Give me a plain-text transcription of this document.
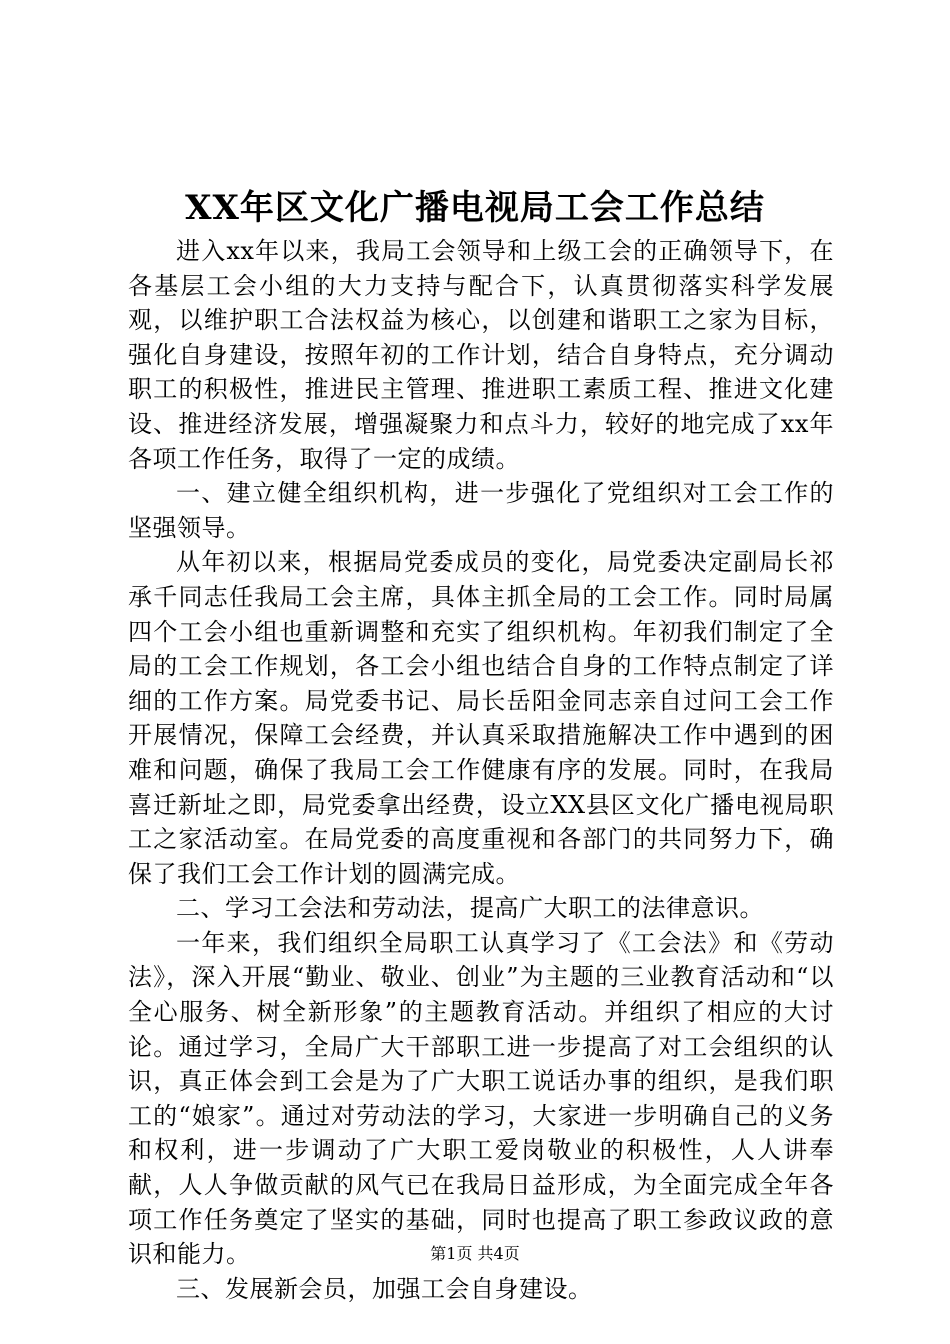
XX年区文化广播电视局工会工作总结

进入xx年以来，我局工会领导和上级工会的正确领导下，在各基层工会小组的大力支持与配合下，认真贯彻落实科学发展观，以维护职工合法权益为核心，以创建和谐职工之家为目标，强化自身建设，按照年初的工作计划，结合自身特点，充分调动职工的积极性，推进民主管理、推进职工素质工程、推进文化建设、推进经济发展，增强凝聚力和点斗力，较好的地完成了xx年各项工作任务，取得了一定的成绩。

一、建立健全组织机构，进一步强化了党组织对工会工作的坚强领导。

从年初以来，根据局党委成员的变化，局党委决定副局长祁承千同志任我局工会主席，具体主抓全局的工会工作。同时局属四个工会小组也重新调整和充实了组织机构。年初我们制定了全局的工会工作规划，各工会小组也结合自身的工作特点制定了详细的工作方案。局党委书记、局长岳阳金同志亲自过问工会工作开展情况，保障工会经费，并认真采取措施解决工作中遇到的困难和问题，确保了我局工会工作健康有序的发展。同时，在我局喜迁新址之即，局党委拿出经费，设立XX县区文化广播电视局职工之家活动室。在局党委的高度重视和各部门的共同努力下，确保了我们工会工作计划的圆满完成。

二、学习工会法和劳动法，提高广大职工的法律意识。

一年来，我们组织全局职工认真学习了《工会法》和《劳动法》，深入开展“勤业、敬业、创业”为主题的三业教育活动和“以全心服务、树全新形象”的主题教育活动。并组织了相应的大讨论。通过学习，全局广大干部职工进一步提高了对工会组织的认识，真正体会到工会是为了广大职工说话办事的组织，是我们职工的“娘家”。通过对劳动法的学习，大家进一步明确自己的义务和权利，进一步调动了广大职工爱岗敬业的积极性，人人讲奉献，人人争做贡献的风气已在我局日益形成，为全面完成全年各项工作任务奠定了坚实的基础，同时也提高了职工参政议政的意识和能力。

三、发展新会员，加强工会自身建设。

第1页 共4页
